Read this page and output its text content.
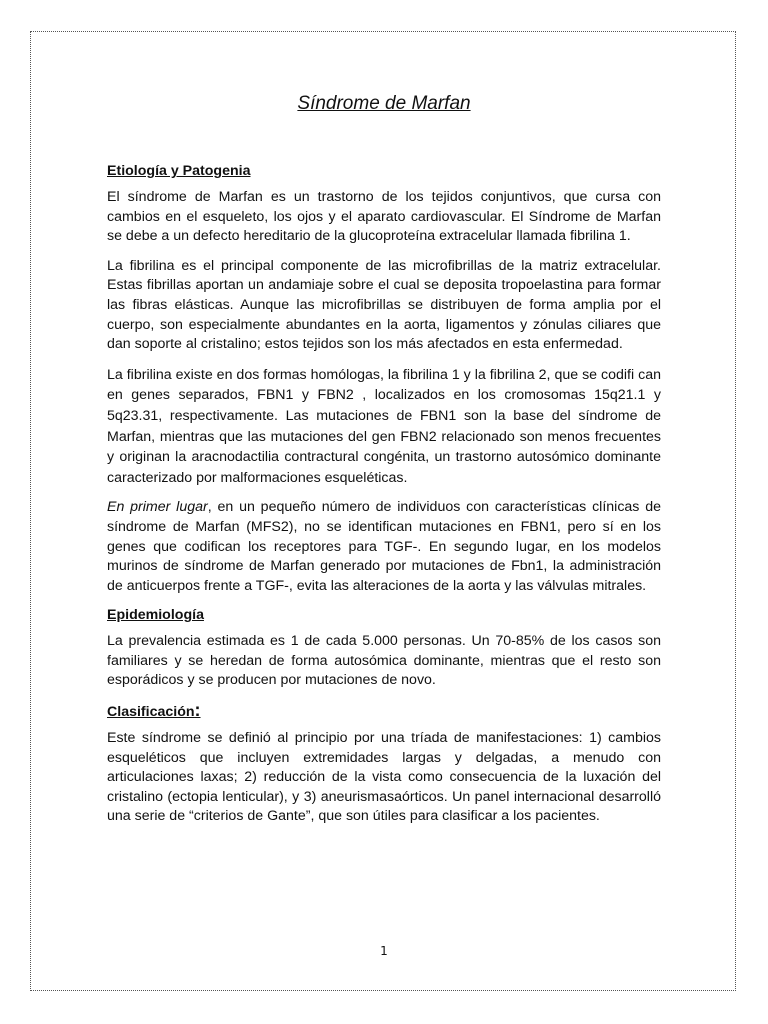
Síndrome de Marfan
Etiología y Patogenia

El síndrome de Marfan es un trastorno de los tejidos conjuntivos, que cursa con cambios en el esqueleto, los ojos y el aparato cardiovascular. El Síndrome de Marfan se debe a un defecto hereditario de la glucoproteína extracelular llamada fibrilina 1.

La fibrilina es el principal componente de las microfibrillas de la matriz extracelular. Estas fibrillas aportan un andamiaje sobre el cual se deposita tropoelastina para formar las fibras elásticas. Aunque las microfibrillas se distribuyen de forma amplia por el cuerpo, son especialmente abundantes en la aorta, ligamentos y zónulas ciliares que dan soporte al cristalino; estos tejidos son los más afectados en esta enfermedad.

La fibrilina existe en dos formas homólogas, la fibrilina 1 y la fibrilina 2, que se codifi can en genes separados, FBN1 y FBN2 , localizados en los cromosomas 15q21.1 y 5q23.31, respectivamente. Las mutaciones de FBN1 son la base del síndrome de Marfan, mientras que las mutaciones del gen FBN2 relacionado son menos frecuentes y originan la aracnodactilia contractural congénita, un trastorno autosómico dominante caracterizado por malformaciones esqueléticas.

En primer lugar, en un pequeño número de individuos con características clínicas de síndrome de Marfan (MFS2), no se identifican mutaciones en FBN1, pero sí en los genes que codifican los receptores para TGF-. En segundo lugar, en los modelos murinos de síndrome de Marfan generado por mutaciones de Fbn1, la administración de anticuerpos frente a TGF-, evita las alteraciones de la aorta y las válvulas mitrales.

Epidemiología

La prevalencia estimada es 1 de cada 5.000 personas. Un 70-85% de los casos son familiares y se heredan de forma autosómica dominante, mientras que el resto son esporádicos y se producen por mutaciones de novo.

Clasificación:

Este síndrome se definió al principio por una tríada de manifestaciones: 1) cambios esqueléticos que incluyen extremidades largas y delgadas, a menudo con articulaciones laxas; 2) reducción de la vista como consecuencia de la luxación del cristalino (ectopia lenticular), y 3) aneurismasaórticos. Un panel internacional desarrolló una serie de “criterios de Gante”, que son útiles para clasificar a los pacientes.

1
